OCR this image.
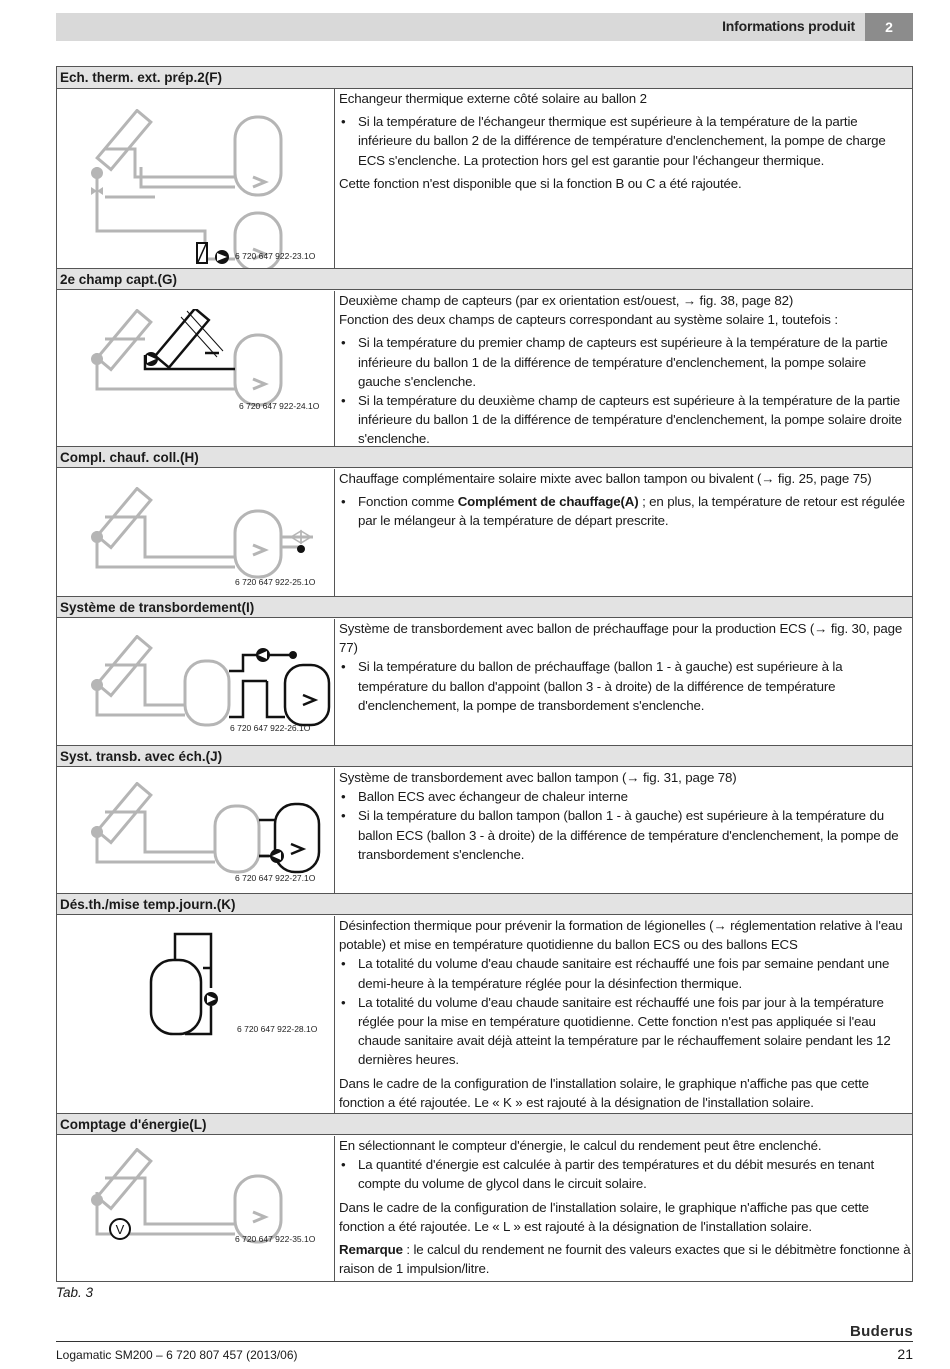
Informations produit	2
Ech. therm. ext. prép.2(F)
6 720 647 922-23.1O

Echangeur thermique externe côté solaire au ballon 2

• Si la température de l'échangeur thermique est supérieure à la température de la partie inférieure du ballon 2 de la différence de température d'enclenchement, la pompe de charge ECS s'enclenche. La protection hors gel est garantie pour l'échangeur thermique.

Cette fonction n'est disponible que si la fonction B ou C a été rajoutée.

2e champ capt.(G)
6 720 647 922-24.1O

Deuxième champ de capteurs (par ex orientation est/ouest, → fig. 38, page 82)

Fonction des deux champs de capteurs correspondant au système solaire 1, toutefois :

• Si la température du premier champ de capteurs est supérieure à la température de la partie inférieure du ballon 1 de la différence de température d'enclenchement, la pompe solaire gauche s'enclenche.
• Si la température du deuxième champ de capteurs est supérieure à la température de la partie inférieure du ballon 1 de la différence de température d'enclenchement, la pompe solaire droite s'enclenche.
Compl. chauf. coll.(H)
6 720 647 922-25.1O

Chauffage complémentaire solaire mixte avec ballon tampon ou bivalent (→ fig. 25, page 75)

• Fonction comme Complément de chauffage(A) ; en plus, la température de retour est régulée par le mélangeur à la température de départ prescrite.
Système de transbordement(I)
6 720 647 922-26.1O

Système de transbordement avec ballon de préchauffage pour la production ECS (→ fig. 30, page 77)

• Si la température du ballon de préchauffage (ballon 1 - à gauche) est supérieure à la température du ballon d'appoint (ballon 3 - à droite) de la différence de température d'enclenchement, la pompe de transbordement s'enclenche.
Syst. transb. avec éch.(J)
6 720 647 922-27.1O

Système de transbordement avec ballon tampon (→ fig. 31, page 78)

• Ballon ECS avec échangeur de chaleur interne
• Si la température du ballon tampon (ballon 1 - à gauche) est supérieure à la température du ballon ECS (ballon 3 - à droite) de la différence de température d'enclenchement, la pompe de transbordement s'enclenche.
Dés.th./mise temp.journ.(K)
6 720 647 922-28.1O

Désinfection thermique pour prévenir la formation de légionelles (→ réglementation relative à l'eau potable) et mise en température quotidienne du ballon ECS ou des ballons ECS

• La totalité du volume d'eau chaude sanitaire est réchauffé une fois par semaine pendant une demi-heure à la température réglée pour la désinfection thermique.
• La totalité du volume d'eau chaude sanitaire est réchauffé une fois par jour à la température réglée pour la mise en température quotidienne. Cette fonction n'est pas appliquée si l'eau chaude sanitaire avait déjà atteint la température par le réchauffement solaire pendant les 12 dernières heures.

Dans le cadre de la configuration de l'installation solaire, le graphique n'affiche pas que cette fonction a été rajoutée. Le « K » est rajouté à la désignation de l'installation solaire.

Comptage d'énergie(L)
V
6 720 647 922-35.1O

En sélectionnant le compteur d'énergie, le calcul du rendement peut être enclenché.

• La quantité d'énergie est calculée à partir des températures et du débit mesurés en tenant compte du volume de glycol dans le circuit solaire.

Dans le cadre de la configuration de l'installation solaire, le graphique n'affiche pas que cette fonction a été rajoutée. Le « L » est rajouté à la désignation de l'installation solaire.

Remarque : le calcul du rendement ne fournit des valeurs exactes que si le débitmètre fonctionne à raison de 1 impulsion/litre.

Tab. 3
Buderus
Logamatic SM200 – 6 720 807 457 (2013/06)	21
